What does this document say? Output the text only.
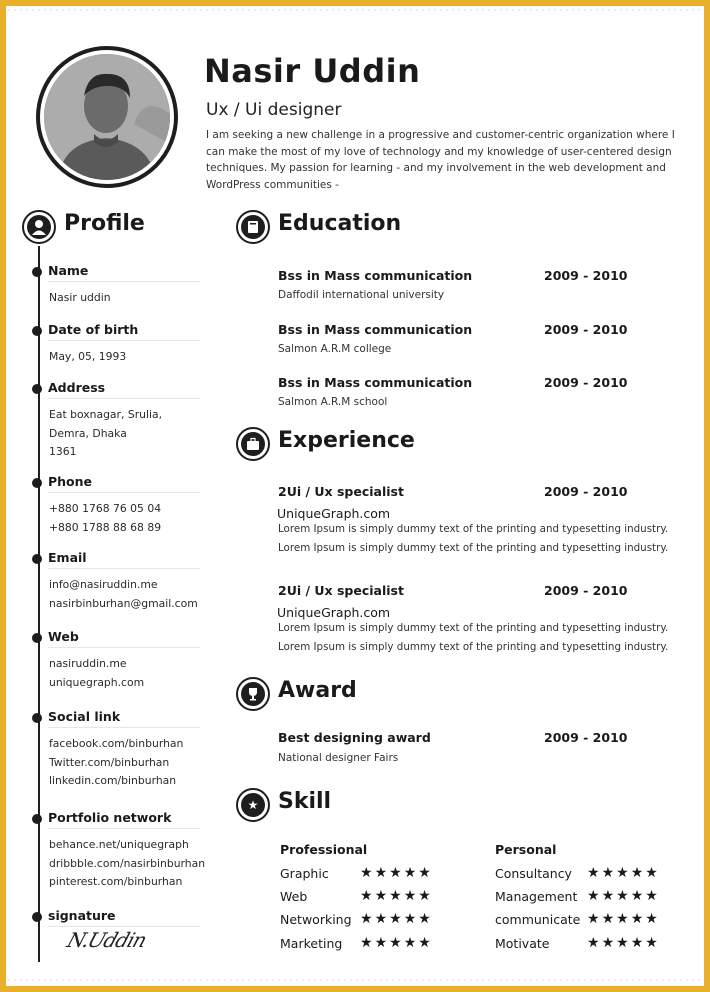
Nasir Uddin
Ux / Ui designer
I am seeking a new challenge in a progressive and customer-centric organization where I can make the most of my love of technology and my knowledge of user-centered design techniques. My passion for learning - and my involvement in the web development and WordPress communities -
Profile
Name
Nasir uddin
Date of birth
May, 05, 1993
Address
Eat boxnagar, Srulia,
Demra, Dhaka
1361
Phone
+880 1768 76 05 04
+880 1788 88 68 89
Email
info@nasiruddin.me
nasirbinburhan@gmail.com
Web
nasiruddin.me
uniquegraph.com
Social link
facebook.com/binburhan
Twitter.com/binburhan
linkedin.com/binburhan
Portfolio network
behance.net/uniquegraph
dribbble.com/nasirbinburhan
pinterest.com/binburhan
signature
N.Uddin
Education
Bss in Mass communication	2009 - 2010
Daffodil international university
Bss in Mass communication	2009 - 2010
Salmon A.R.M college
Bss in Mass communication	2009 - 2010
Salmon A.R.M school
Experience
2Ui / Ux specialist	2009 - 2010
UniqueGraph.com
Lorem Ipsum is simply dummy text of the printing and typesetting industry.
Lorem Ipsum is simply dummy text of the printing and typesetting industry.
2Ui / Ux specialist	2009 - 2010
UniqueGraph.com
Lorem Ipsum is simply dummy text of the printing and typesetting industry.
Lorem Ipsum is simply dummy text of the printing and typesetting industry.
Award
Best designing award	2009 - 2010
National designer Fairs
★ Skill
Professional
Graphic ★★★★★
Web	★★★★★
Networking ★★★★★
Marketing ★★★★★
Personal
Consultancy ★★★★★
Management ★★★★★
communicate ★★★★★
Motivate	★★★★★
